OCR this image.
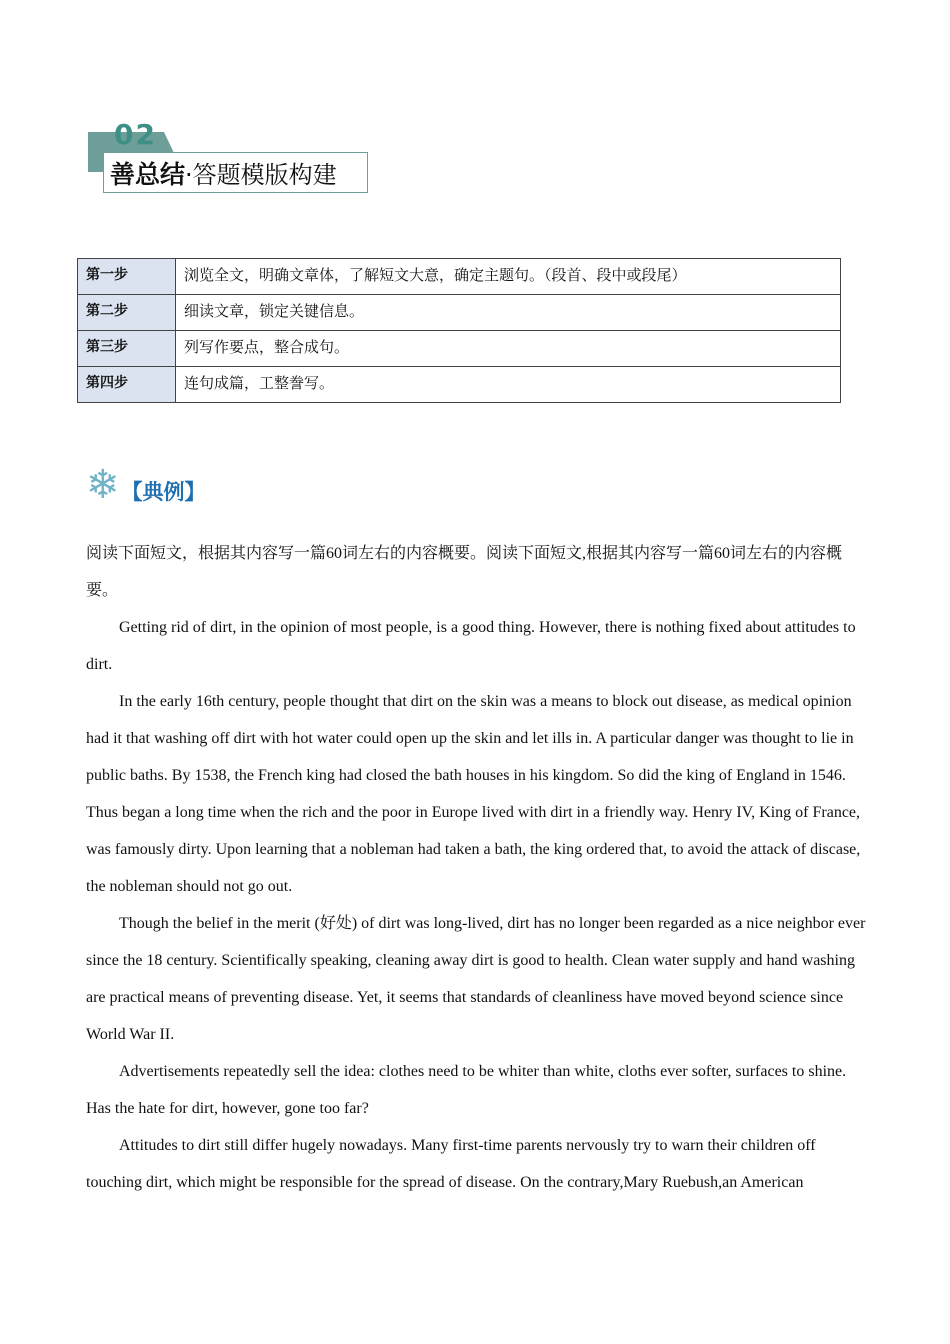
02
善总结 ·答题模版构建
第一步	浏览全文，明确文章体，了解短文大意，确定主题句。（段首、段中或段尾）
第二步	细读文章，锁定关键信息。
第三步	列写作要点，整合成句。
第四步	连句成篇，工整誊写。
❄ 【典例】

阅读下面短文，根据其内容写一篇60词左右的内容概要。阅读下面短文,根据其内容写一篇60词左右的内容概要。

Getting rid of dirt, in the opinion of most people, is a good thing. However, there is nothing fixed about attitudes to dirt.

In the early 16th century, people thought that dirt on the skin was a means to block out disease, as medical opinion had it that washing off dirt with hot water could open up the skin and let ills in. A particular danger was thought to lie in public baths. By 1538, the French king had closed the bath houses in his kingdom. So did the king of England in 1546. Thus began a long time when the rich and the poor in Europe lived with dirt in a friendly way. Henry IV, King of France, was famously dirty. Upon learning that a nobleman had taken a bath, the king ordered that, to avoid the attack of discase, the nobleman should not go out.

Though the belief in the merit (好处) of dirt was long-lived, dirt has no longer been regarded as a nice neighbor ever since the 18 century. Scientifically speaking, cleaning away dirt is good to health. Clean water supply and hand washing are practical means of preventing disease. Yet, it seems that standards of cleanliness have moved beyond science since World War II.

Advertisements repeatedly sell the idea: clothes need to be whiter than white, cloths ever softer, surfaces to shine. Has the hate for dirt, however, gone too far?

Attitudes to dirt still differ hugely nowadays. Many first-time parents nervously try to warn their children off touching dirt, which might be responsible for the spread of disease. On the contrary,Mary Ruebush,an American
